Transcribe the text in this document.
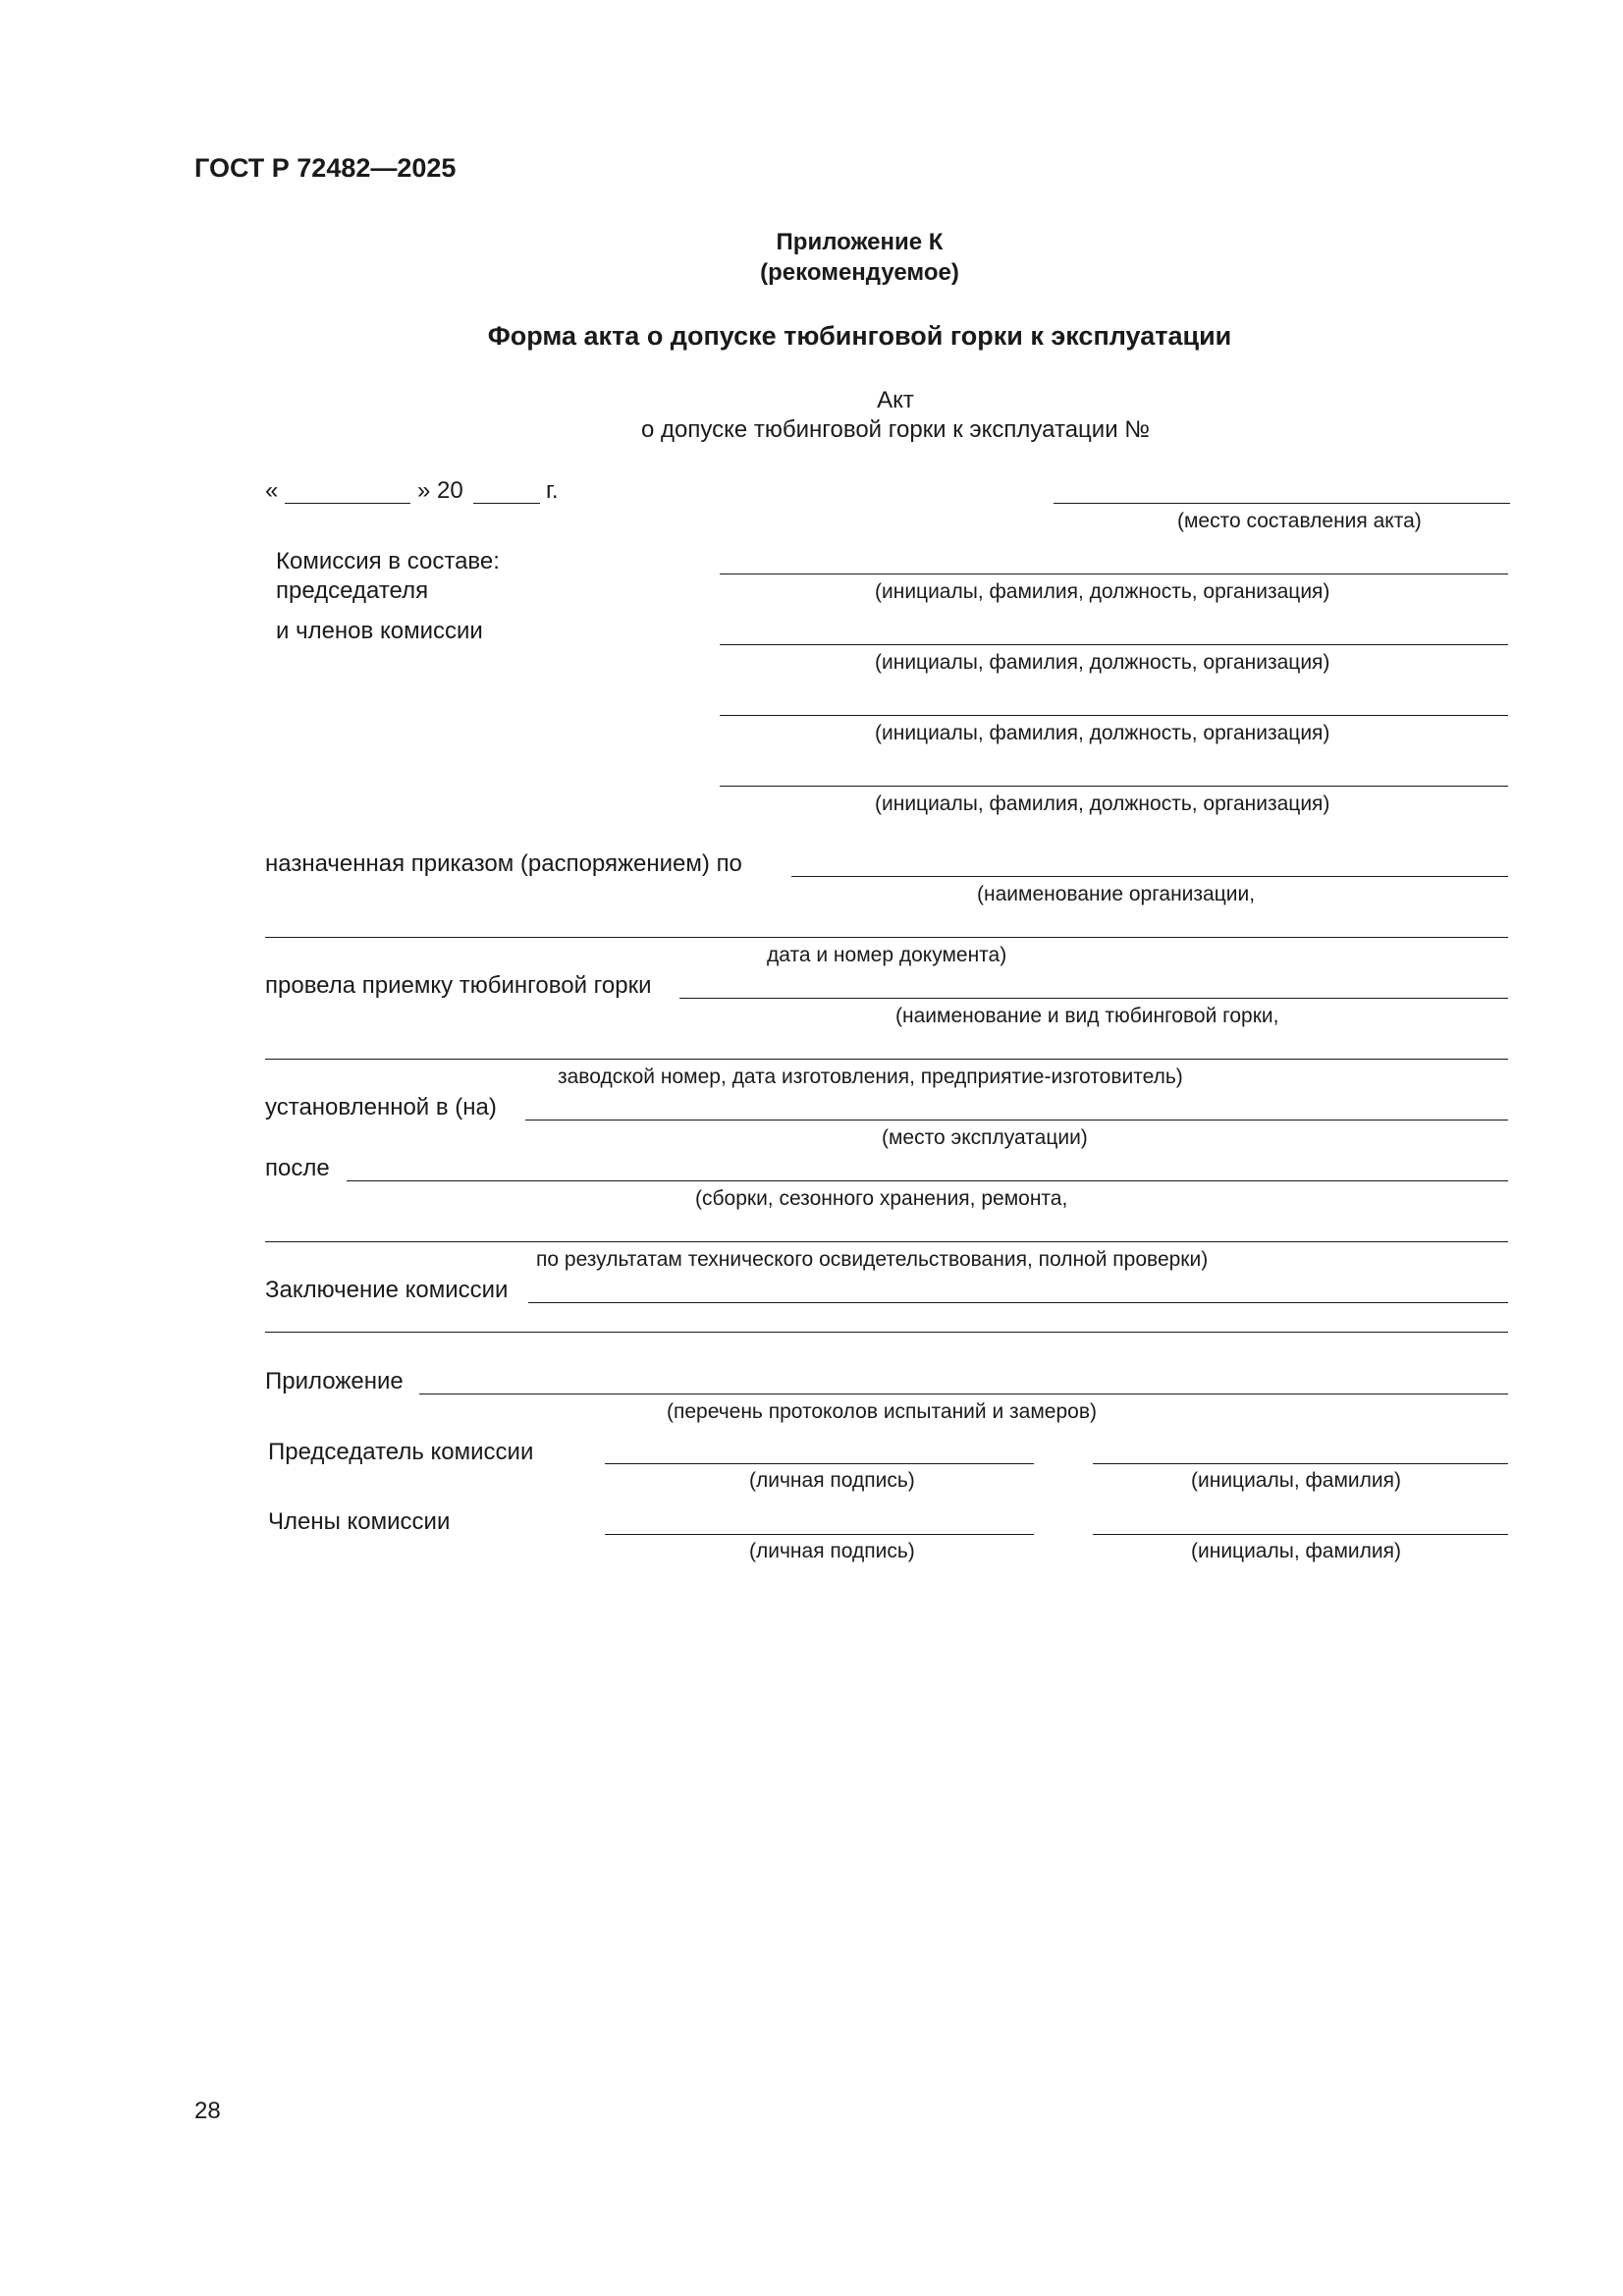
ГОСТ Р 72482—2025
Приложение К
(рекомендуемое)
Форма акта о допуске тюбинговой горки к эксплуатации
Акт
о допуске тюбинговой горки к эксплуатации №
«	» 20	г.
(место составления акта)
Комиссия в составе:
председателя
и членов комиссии
(инициалы, фамилия, должность, организация)
(инициалы, фамилия, должность, организация)
(инициалы, фамилия, должность, организация)
(инициалы, фамилия, должность, организация)
назначенная приказом (распоряжением) по
(наименование организации,
дата и номер документа)
провела приемку тюбинговой горки
(наименование и вид тюбинговой горки,
заводской номер, дата изготовления, предприятие-изготовитель)
установленной в (на)
(место эксплуатации)
после
(сборки, сезонного хранения, ремонта,
по результатам технического освидетельствования, полной проверки)
Заключение комиссии
Приложение
(перечень протоколов испытаний и замеров)
Председатель комиссии
(личная подпись)	(инициалы, фамилия)
Члены комиссии
(личная подпись)	(инициалы, фамилия)
28
